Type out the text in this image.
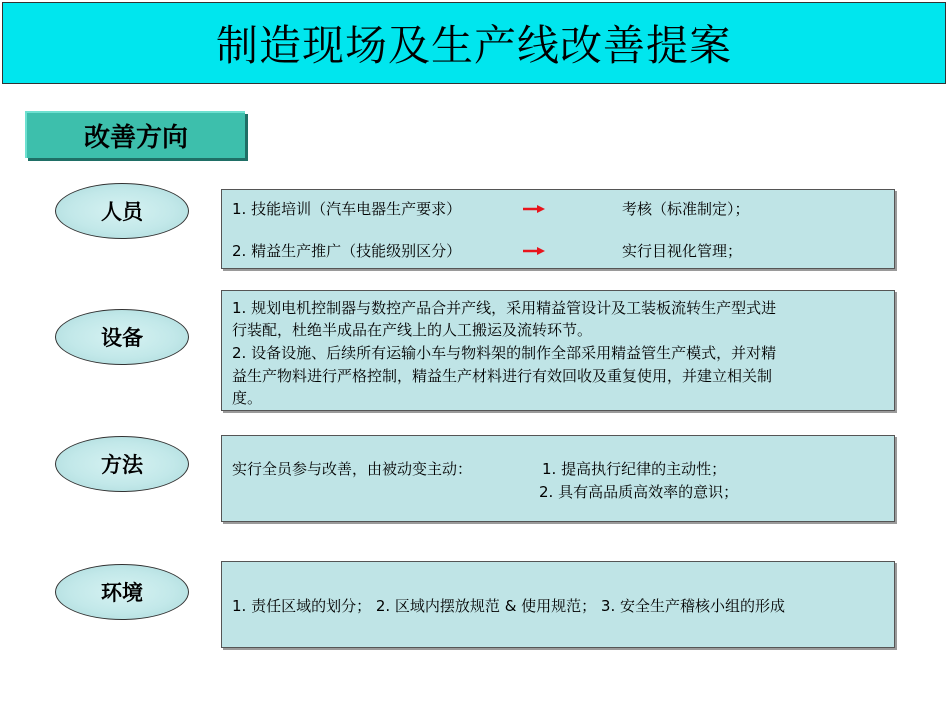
制造现场及生产线改善提案
改善方向
人员	1. 技能培训（汽车电器生产要求）	考核（标准制定）；
2. 精益生产推广（技能级别区分）	实行目视化管理；
设备
1. 规划电机控制器与数控产品合并产线，采用精益管设计及工装板流转生产型式进
行装配，杜绝半成品在产线上的人工搬运及流转环节。
2. 设备设施、后续所有运输小车与物料架的制作全部采用精益管生产模式，并对精
益生产物料进行严格控制，精益生产材料进行有效回收及重复使用，并建立相关制
度。
方法	实行全员参与改善，由被动变主动：	1. 提高执行纪律的主动性；
2. 具有高品质高效率的意识；
环境
1. 责任区域的划分； 2. 区域内摆放规范 & 使用规范； 3. 安全生产稽核小组的形成
